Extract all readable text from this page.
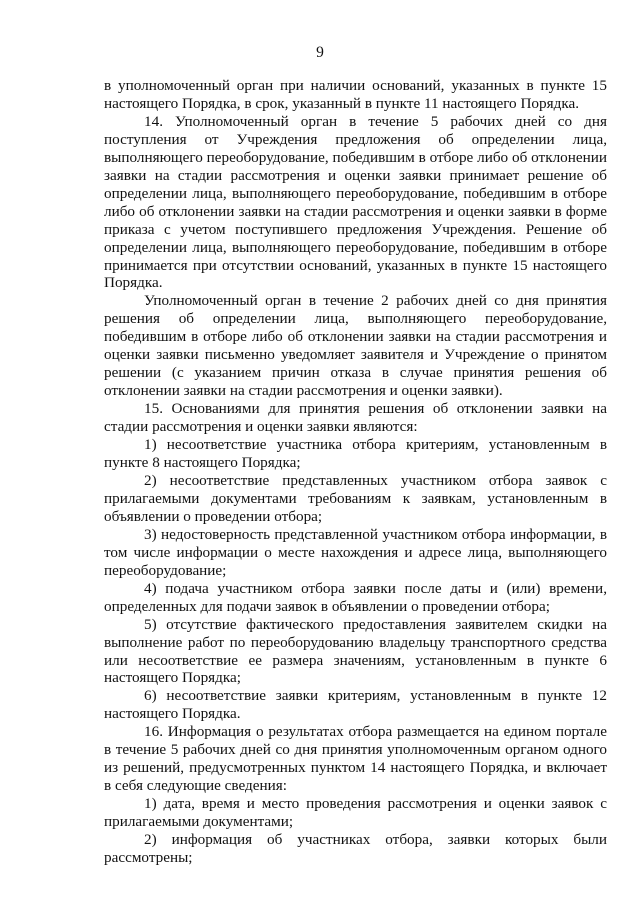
9

в уполномоченный орган при наличии оснований, указанных в пункте 15 настоящего Порядка, в срок, указанный в пункте 11 настоящего Порядка.

14. Уполномоченный орган в течение 5 рабочих дней со дня поступления от Учреждения предложения об определении лица, выполняющего переоборудование, победившим в отборе либо об отклонении заявки на стадии рассмотрения и оценки заявки принимает решение об определении лица, выполняющего переоборудование, победившим в отборе либо об отклонении заявки на стадии рассмотрения и оценки заявки в форме приказа с учетом поступившего предложения Учреждения. Решение об определении лица, выполняющего переоборудование, победившим в отборе принимается при отсутствии оснований, указанных в пункте 15 настоящего Порядка.

Уполномоченный орган в течение 2 рабочих дней со дня принятия решения об определении лица, выполняющего переоборудование, победившим в отборе либо об отклонении заявки на стадии рассмотрения и оценки заявки письменно уведомляет заявителя и Учреждение о принятом решении (с указанием причин отказа в случае принятия решения об отклонении заявки на стадии рассмотрения и оценки заявки).

15. Основаниями для принятия решения об отклонении заявки на стадии рассмотрения и оценки заявки являются:

1) несоответствие участника отбора критериям, установленным в пункте 8 настоящего Порядка;

2) несоответствие представленных участником отбора заявок с прилагаемыми документами требованиям к заявкам, установленным в объявлении о проведении отбора;

3) недостоверность представленной участником отбора информации, в том числе информации о месте нахождения и адресе лица, выполняющего переоборудование;

4) подача участником отбора заявки после даты и (или) времени, определенных для подачи заявок в объявлении о проведении отбора;

5) отсутствие фактического предоставления заявителем скидки на выполнение работ по переоборудованию владельцу транспортного средства или несоответствие ее размера значениям, установленным в пункте 6 настоящего Порядка;

6) несоответствие заявки критериям, установленным в пункте 12 настоящего Порядка.

16. Информация о результатах отбора размещается на едином портале в течение 5 рабочих дней со дня принятия уполномоченным органом одного из решений, предусмотренных пунктом 14 настоящего Порядка, и включает в себя следующие сведения:

1) дата, время и место проведения рассмотрения и оценки заявок с прилагаемыми документами;

2) информация об участниках отбора, заявки которых были рассмотрены;
